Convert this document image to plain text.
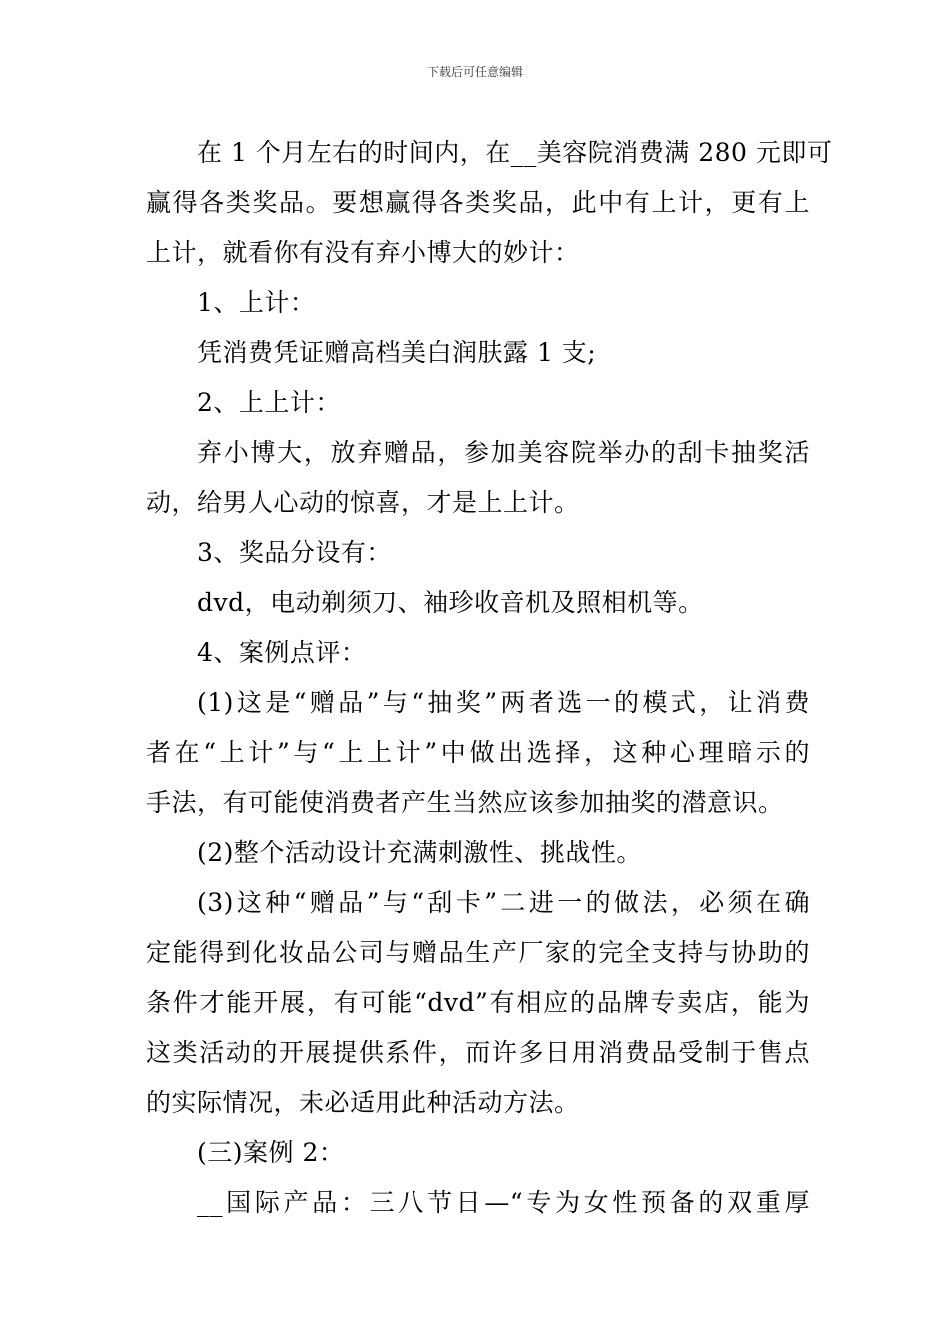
下载后可任意编辑
在 1 个月左右的时间内，在__美容院消费满 280 元即可
赢得各类奖品。要想赢得各类奖品，此中有上计，更有上
上计，就看你有没有弃小博大的妙计：
1、上计：
凭消费凭证赠高档美白润肤露 1 支;
2、上上计：
弃小博大，放弃赠品，参加美容院举办的刮卡抽奖活
动，给男人心动的惊喜，才是上上计。
3、奖品分设有：
dvd，电动剃须刀、袖珍收音机及照相机等。
4、案例点评：
(1)这是“赠品”与“抽奖”两者选一的模式，让消费
者在“上计”与“上上计”中做出选择，这种心理暗示的
手法，有可能使消费者产生当然应该参加抽奖的潜意识。
(2)整个活动设计充满刺激性、挑战性。
(3)这种“赠品”与“刮卡”二进一的做法，必须在确
定能得到化妆品公司与赠品生产厂家的完全支持与协助的
条件才能开展，有可能“dvd”有相应的品牌专卖店，能为
这类活动的开展提供系件，而许多日用消费品受制于售点
的实际情况，未必适用此种活动方法。
(三)案例 2：
__国际产品：三八节日—“专为女性预备的双重厚
